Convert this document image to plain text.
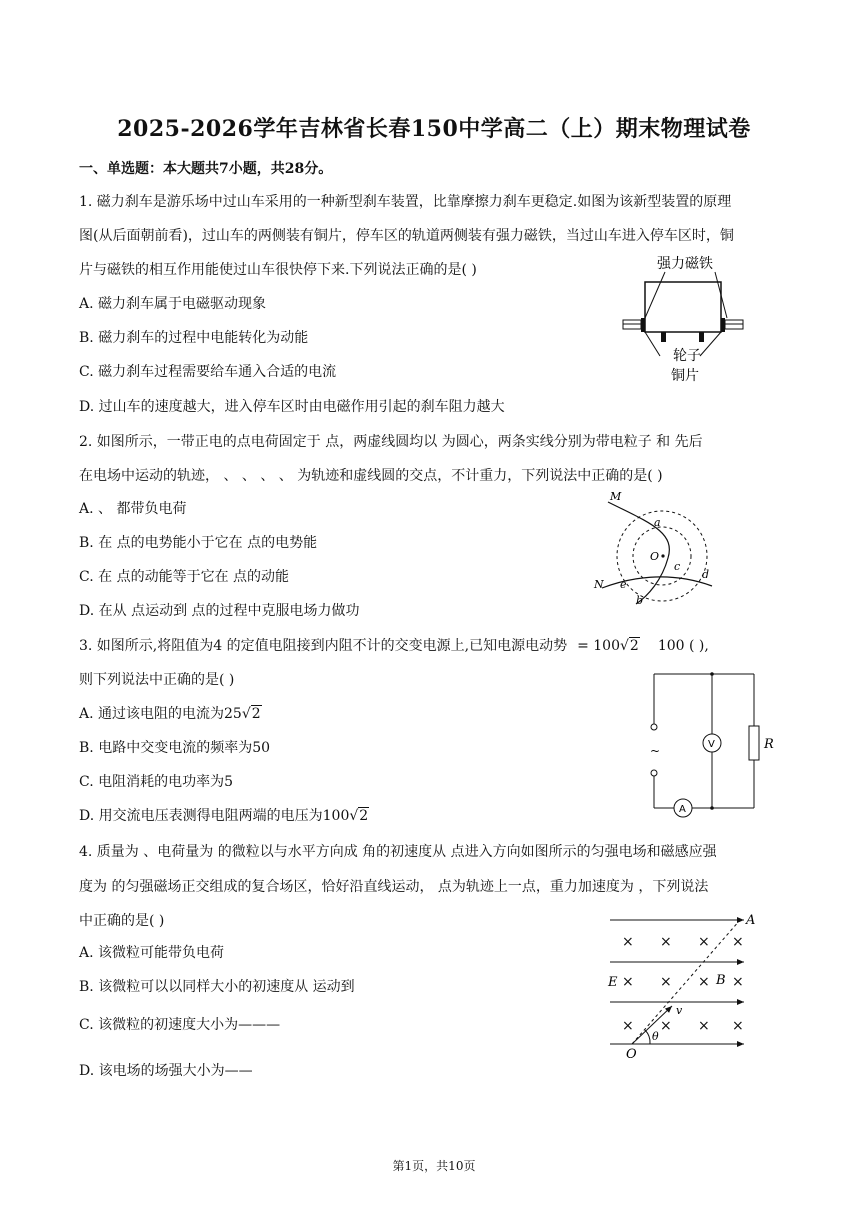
2025-2026学年吉林省长春150中学高二（上）期末物理试卷
一、单选题：本大题共7小题，共28分。
1. 磁力刹车是游乐场中过山车采用的一种新型刹车装置，比靠摩擦力刹车更稳定.如图为该新型装置的原理
图(从后面朝前看)，过山车的两侧装有铜片，停车区的轨道两侧装有强力磁铁，当过山车进入停车区时，铜
片与磁铁的相互作用能使过山车很快停下来.下列说法正确的是( )
A. 磁力刹车属于电磁驱动现象
B. 磁力刹车的过程中电能转化为动能
C. 磁力刹车过程需要给车通入合适的电流
D. 过山车的速度越大，进入停车区时由电磁作用引起的刹车阻力越大
强力磁铁
轮子
铜片
2. 如图所示，一带正电的点电荷固定于 点，两虚线圆均以 为圆心，两条实线分别为带电粒子 和 先后
在电场中运动的轨迹， 、 、 、 、 为轨迹和虚线圆的交点，不计重力，下列说法中正确的是( )
A. 、 都带负电荷
B. 在 点的电势能小于它在 点的电势能
C. 在 点的动能等于它在 点的动能
D. 在从 点运动到 点的过程中克服电场力做功
M
a
O
c
d
N e
b
3. 如图所示,将阻值为4 的定值电阻接到内阻不计的交变电源上,已知电源电动势 = 100√2 100 ( ),
则下列说法中正确的是( )
A. 通过该电阻的电流为25√2
B. 电路中交变电流的频率为50
C. 电阻消耗的电功率为5
D. 用交流电压表测得电阻两端的电压为100√2
~	V
A
R
4. 质量为 、电荷量为 的微粒以与水平方向成 角的初速度从 点进入方向如图所示的匀强电场和磁感应强
度为 的匀强磁场正交组成的复合场区，恰好沿直线运动， 点为轨迹上一点，重力加速度为 ，下列说法
中正确的是( )
A. 该微粒可能带负电荷
B. 该微粒可以以同样大小的初速度从 运动到
C. 该微粒的初速度大小为———
D. 该电场的场强大小为——
× × × ×
× × × ×
× × × ×
A
E	B
v
θ
O
第1页，共10页
